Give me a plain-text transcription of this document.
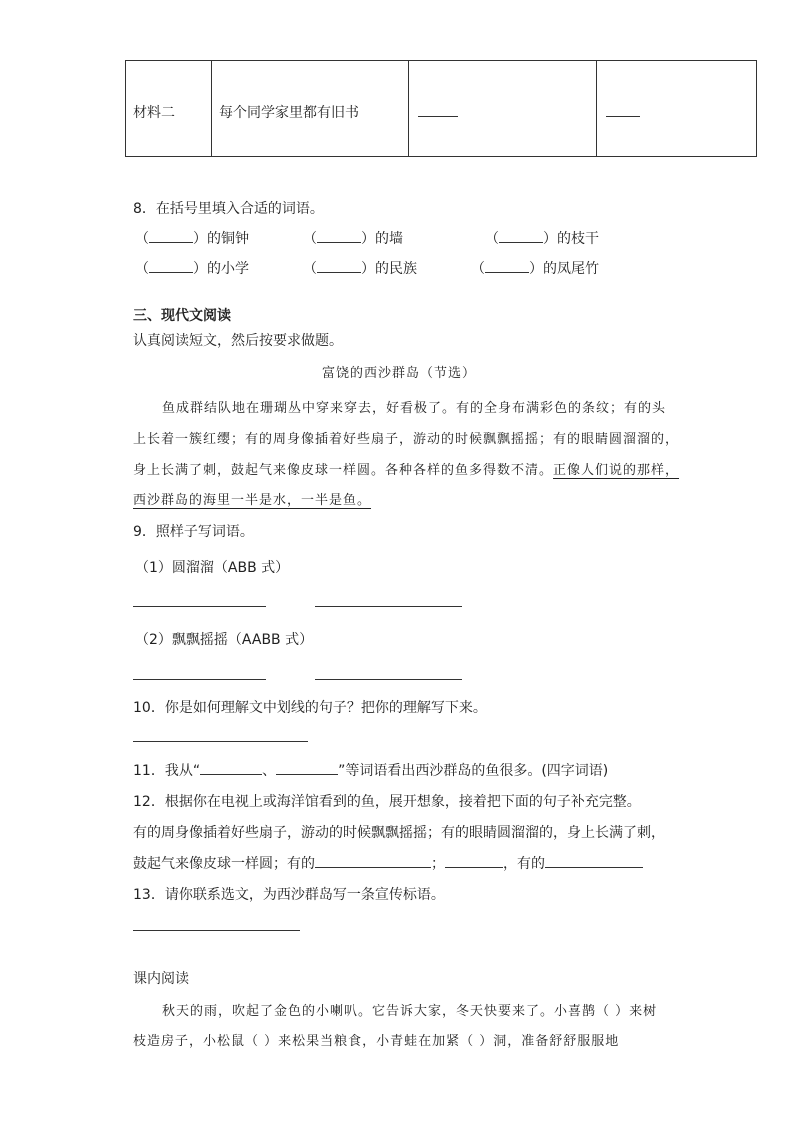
材料二	每个同学家里都有旧书
8．在括号里填入合适的词语。
（	）的铜钟	（	）的墙	（	）的枝干
（	）的小学	（	）的民族	（	）的凤尾竹
三、现代文阅读
认真阅读短文，然后按要求做题。
富饶的西沙群岛（节选）
鱼成群结队地在珊瑚丛中穿来穿去，好看极了。有的全身布满彩色的条纹；有的头
上长着一簇红缨；有的周身像插着好些扇子，游动的时候飘飘摇摇；有的眼睛圆溜溜的，
身上长满了刺，鼓起气来像皮球一样圆。各种各样的鱼多得数不清。正像人们说的那样，
西沙群岛的海里一半是水，一半是鱼。
9．照样子写词语。
（1）圆溜溜（ABB 式）
（2）飘飘摇摇（AABB 式）
10．你是如何理解文中划线的句子？把你的理解写下来。
11．我从“	、	”等词语看出西沙群岛的鱼很多。(四字词语)
12．根据你在电视上或海洋馆看到的鱼，展开想象，接着把下面的句子补充完整。
有的周身像插着好些扇子，游动的时候飘飘摇摇；有的眼睛圆溜溜的，身上长满了刺，
鼓起气来像皮球一样圆；有的	；	，有的
13．请你联系选文，为西沙群岛写一条宣传标语。
课内阅读
秋天的雨，吹起了金色的小喇叭。它告诉大家，冬天快要来了。小喜鹊（ ）来树
枝造房子，小松鼠（ ）来松果当粮食，小青蛙在加紧（ ）洞，准备舒舒服服地
